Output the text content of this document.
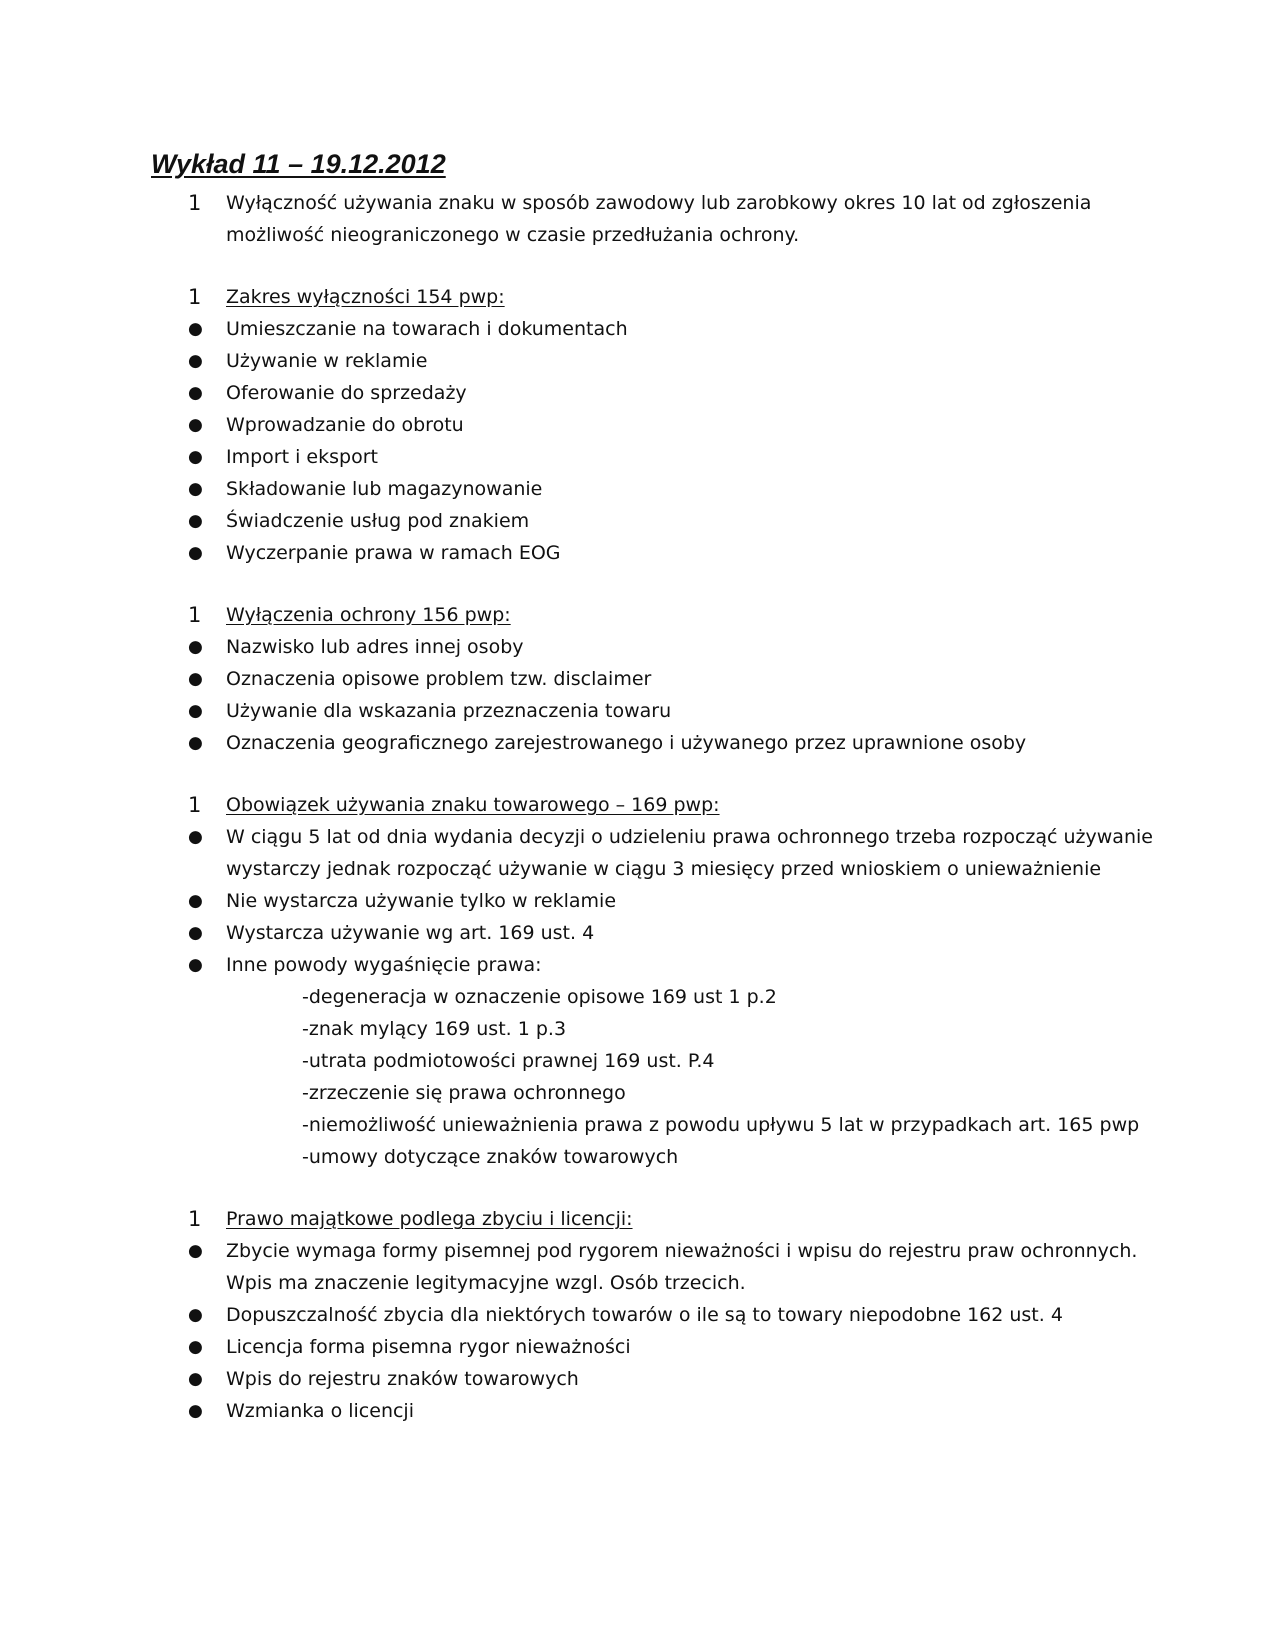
Wykład 11 – 19.12.2012
1	Wyłączność używania znaku w sposób zawodowy lub zarobkowy okres 10 lat od zgłoszenia możliwość nieograniczonego w czasie przedłużania ochrony.
1	Zakres wyłączności 154 pwp:
● Umieszczanie na towarach i dokumentach
● Używanie w reklamie
● Oferowanie do sprzedaży
● Wprowadzanie do obrotu
● Import i eksport
● Składowanie lub magazynowanie
● Świadczenie usług pod znakiem
● Wyczerpanie prawa w ramach EOG
1	Wyłączenia ochrony 156 pwp:
● Nazwisko lub adres innej osoby
● Oznaczenia opisowe problem tzw. disclaimer
● Używanie dla wskazania przeznaczenia towaru
● Oznaczenia geograficznego zarejestrowanego i używanego przez uprawnione osoby
1	Obowiązek używania znaku towarowego – 169 pwp:
● W ciągu 5 lat od dnia wydania decyzji o udzieleniu prawa ochronnego trzeba rozpocząć używanie wystarczy jednak rozpocząć używanie w ciągu 3 miesięcy przed wnioskiem o unieważnienie
● Nie wystarcza używanie tylko w reklamie
● Wystarcza używanie wg art. 169 ust. 4
● Inne powody wygaśnięcie prawa:
-degeneracja w oznaczenie opisowe 169 ust 1 p.2
-znak mylący 169 ust. 1 p.3
-utrata podmiotowości prawnej 169 ust. P.4
-zrzeczenie się prawa ochronnego
-niemożliwość unieważnienia prawa z powodu upływu 5 lat w przypadkach art. 165 pwp
-umowy dotyczące znaków towarowych
1	Prawo majątkowe podlega zbyciu i licencji:
● Zbycie wymaga formy pisemnej pod rygorem nieważności i wpisu do rejestru praw ochronnych. Wpis ma znaczenie legitymacyjne wzgl. Osób trzecich.
● Dopuszczalność zbycia dla niektórych towarów o ile są to towary niepodobne 162 ust. 4
● Licencja forma pisemna rygor nieważności
● Wpis do rejestru znaków towarowych
● Wzmianka o licencji
